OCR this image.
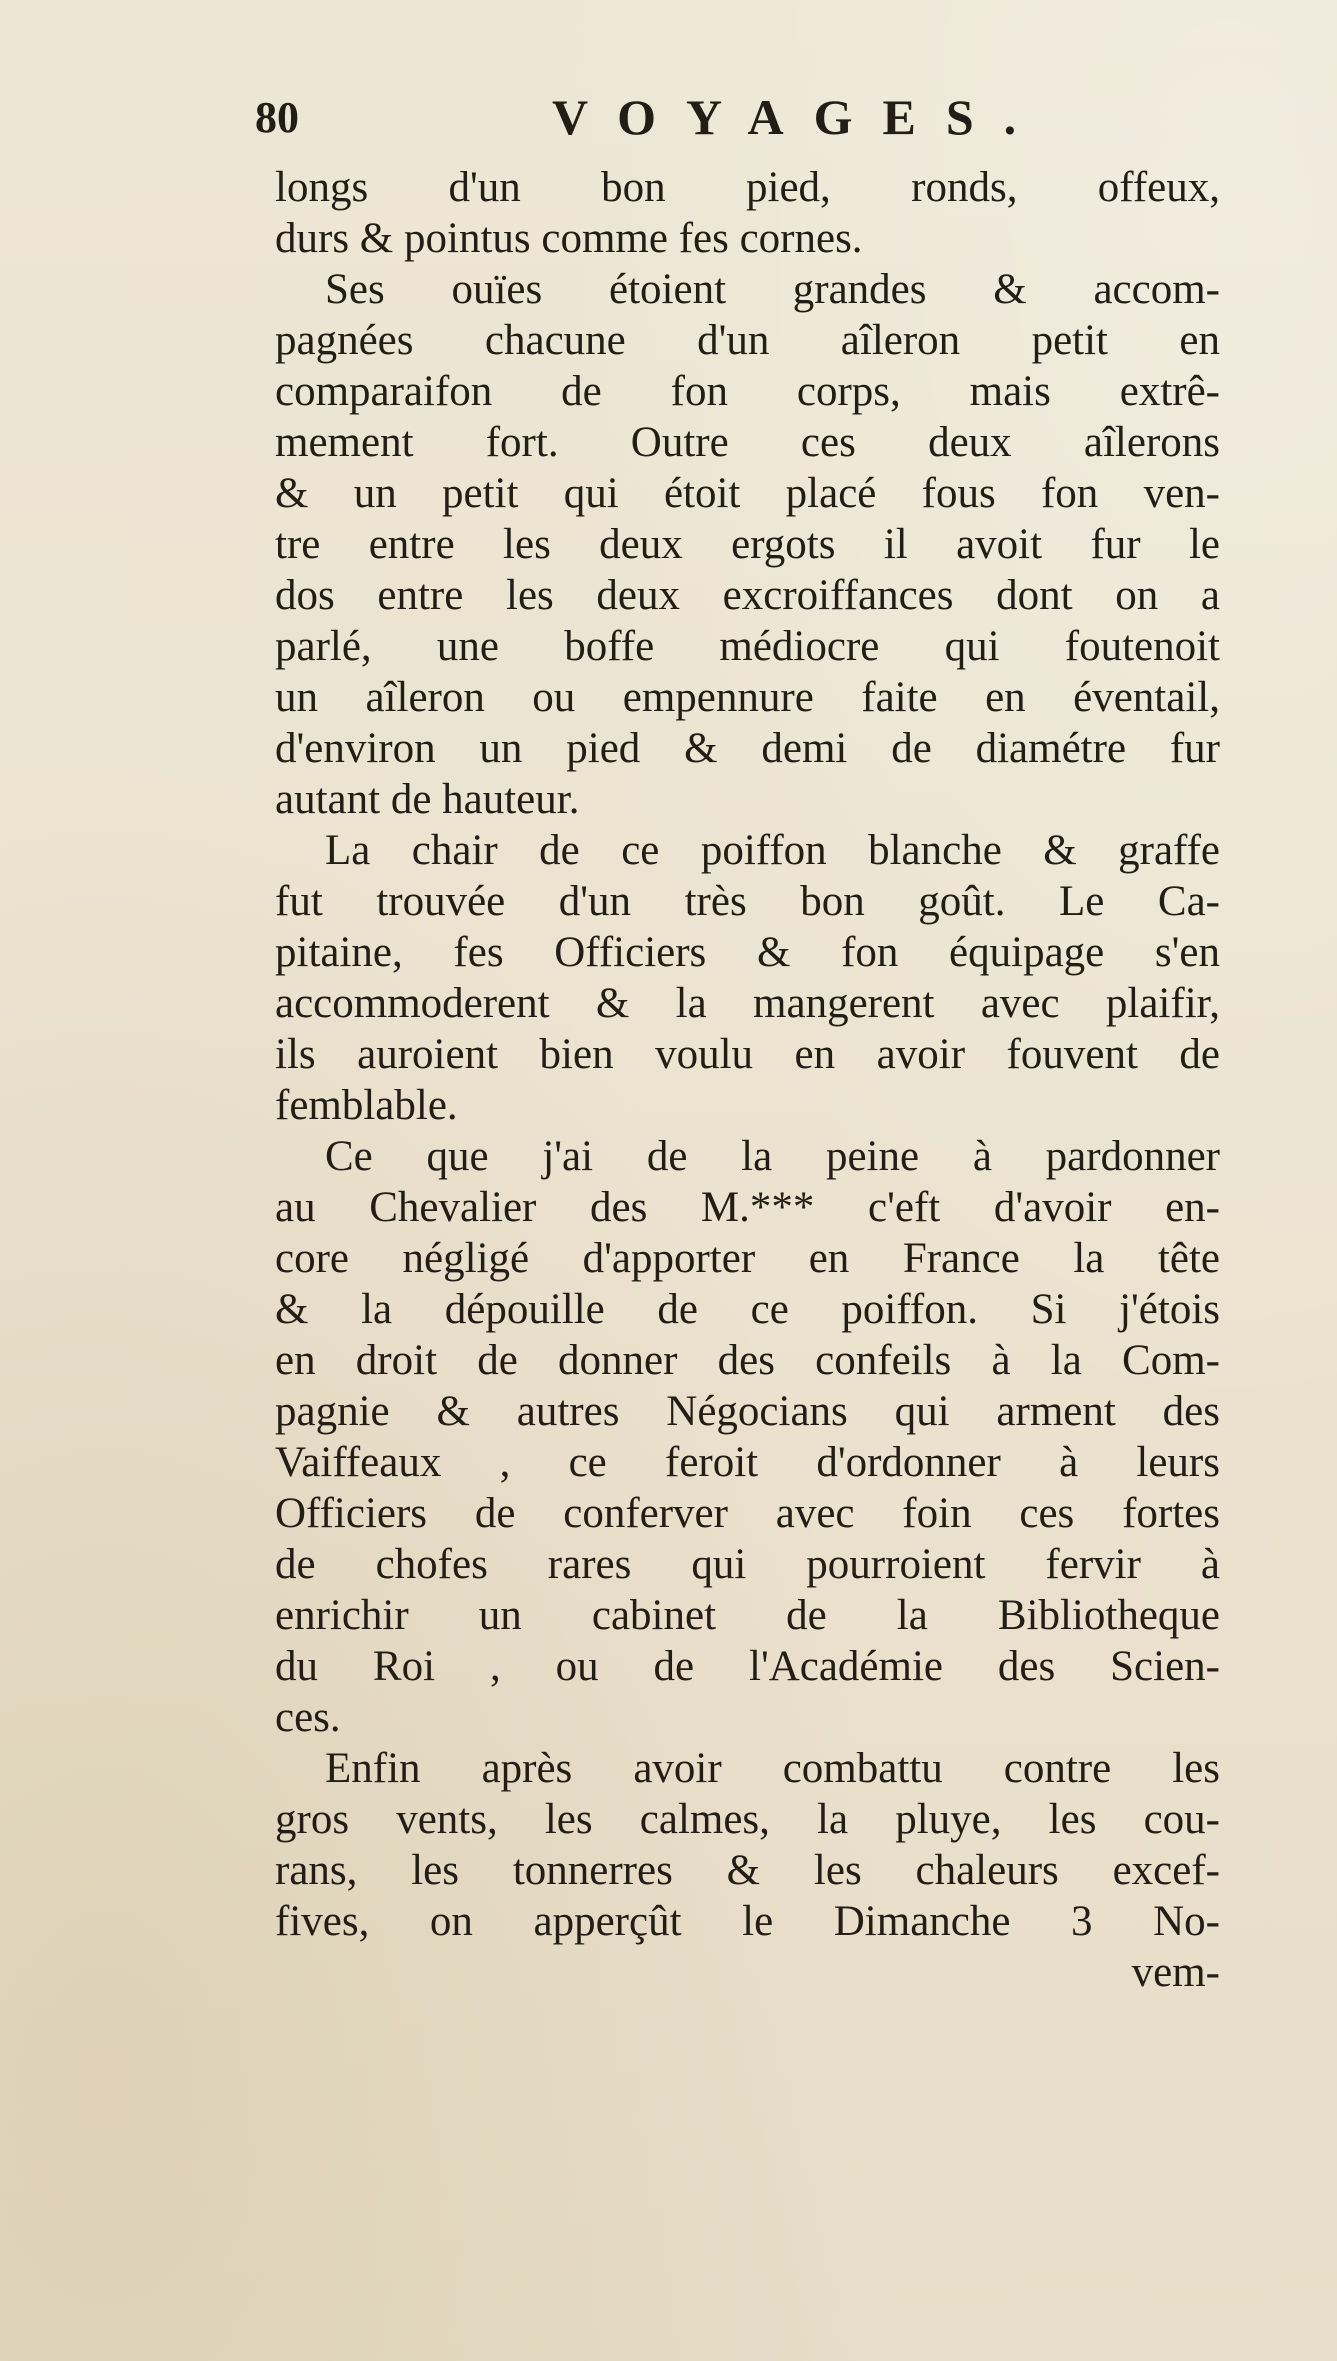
80	VOYAGES.
longs d'un bon pied, ronds, offeux,
durs & pointus comme fes cornes.
Ses ouïes étoient grandes & accom-
pagnées chacune d'un aîleron petit en
comparaifon de fon corps, mais extrê-
mement fort. Outre ces deux aîlerons
& un petit qui étoit placé fous fon ven-
tre entre les deux ergots il avoit fur le
dos entre les deux excroiffances dont on a
parlé, une boffe médiocre qui foutenoit
un aîleron ou empennure faite en éventail,
d'environ un pied & demi de diamétre fur
autant de hauteur.
La chair de ce poiffon blanche & graffe
fut trouvée d'un très bon goût. Le Ca-
pitaine, fes Officiers & fon équipage s'en
accommoderent & la mangerent avec plaifir,
ils auroient bien voulu en avoir fouvent de
femblable.
Ce que j'ai de la peine à pardonner
au Chevalier des M.*** c'eft d'avoir en-
core négligé d'apporter en France la tête
& la dépouille de ce poiffon. Si j'étois
en droit de donner des confeils à la Com-
pagnie & autres Négocians qui arment des
Vaiffeaux , ce feroit d'ordonner à leurs
Officiers de conferver avec foin ces fortes
de chofes rares qui pourroient fervir à
enrichir un cabinet de la Bibliotheque
du Roi , ou de l'Académie des Scien-
ces.
Enfin après avoir combattu contre les
gros vents, les calmes, la pluye, les cou-
rans, les tonnerres & les chaleurs excef-
fives, on apperçût le Dimanche 3 No-
vem-
